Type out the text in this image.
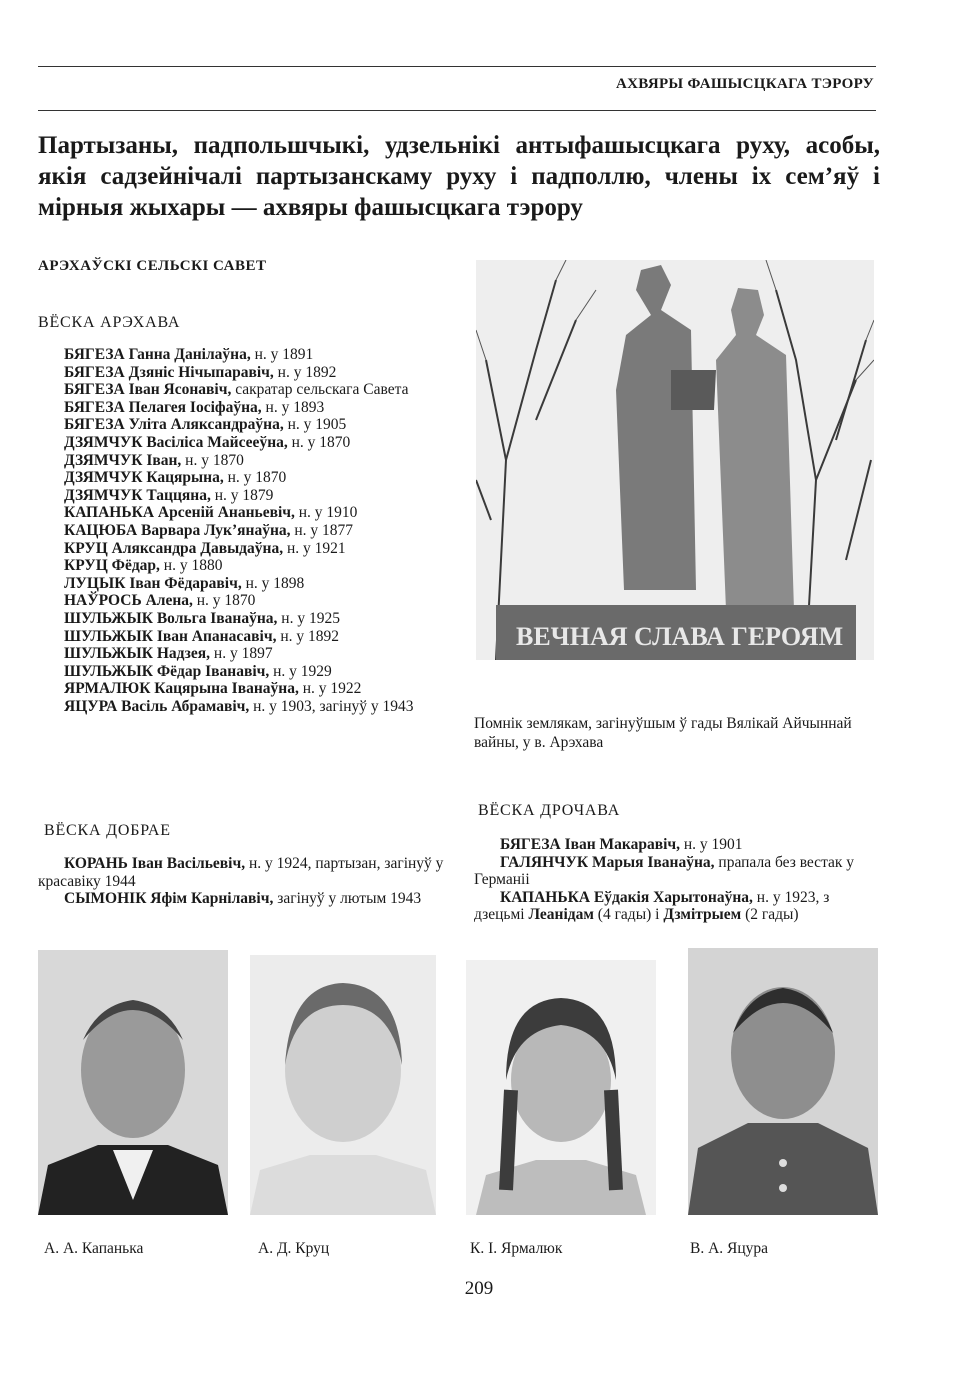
АХВЯРЫ ФАШЫСЦКАГА ТЭРОРУ
Партызаны, падпольшчыкі, удзельнікі антыфашысцкага руху, асобы, якія садзейнічалі партызанскаму руху і падполлю, члены іх сем’яў і мірныя жыхары — ахвяры фашысцкага тэрору
АРЭХАЎСКІ СЕЛЬСКІ САВЕТ
ВЁСКА АРЭХАВА
БЯГЕЗА Ганна Данілаўна, н. у 1891
БЯГЕЗА Дзяніс Нічыпаравіч, н. у 1892
БЯГЕЗА Іван Ясонавіч, сакратар сельскага Савета
БЯГЕЗА Пелагея Іосіфаўна, н. у 1893
БЯГЕЗА Уліта Аляксандраўна, н. у 1905
ДЗЯМЧУК Васіліса Майсееўна, н. у 1870
ДЗЯМЧУК Іван, н. у 1870
ДЗЯМЧУК Кацярына, н. у 1870
ДЗЯМЧУК Таццяна, н. у 1879
КАПАНЬКА Арсеній Ананьевіч, н. у 1910
КАЦЮБА Варвара Лук’янаўна, н. у 1877
КРУЦ Аляксандра Давыдаўна, н. у 1921
КРУЦ Фёдар, н. у 1880
ЛУЦЫК Іван Фёдаравіч, н. у 1898
НАЎРОСЬ Алена, н. у 1870
ШУЛЬЖЫК Вольга Іванаўна, н. у 1925
ШУЛЬЖЫК Іван Апанасавіч, н. у 1892
ШУЛЬЖЫК Надзея, н. у 1897
ШУЛЬЖЫК Фёдар Іванавіч, н. у 1929
ЯРМАЛЮК Кацярына Іванаўна, н. у 1922
ЯЦУРА Васіль Абрамавіч, н. у 1903, загінуў у 1943
ВЕЧНАЯ СЛАВА ГЕРОЯМ
Помнік землякам, загінуўшым ў гады Вялікай Айчыннай вайны, у в. Арэхава
ВЁСКА ДОБРАЕ
КОРАНЬ Іван Васільевіч, н. у 1924, партызан, загінуў у красавіку 1944
СЫМОНІК Яфім Карнілавіч, загінуў у лютым 1943
ВЁСКА ДРОЧАВА
БЯГЕЗА Іван Макаравіч, н. у 1901
ГАЛЯНЧУК Марыя Іванаўна, прапала без вестак у Германіі
КАПАНЬКА Еўдакія Харытонаўна, н. у 1923, з дзецьмі Леанідам (4 гады) і Дзмітрыем (2 гады)
А. А. Капанька	А. Д. Круц	К. І. Ярмалюк	В. А. Яцура
209
